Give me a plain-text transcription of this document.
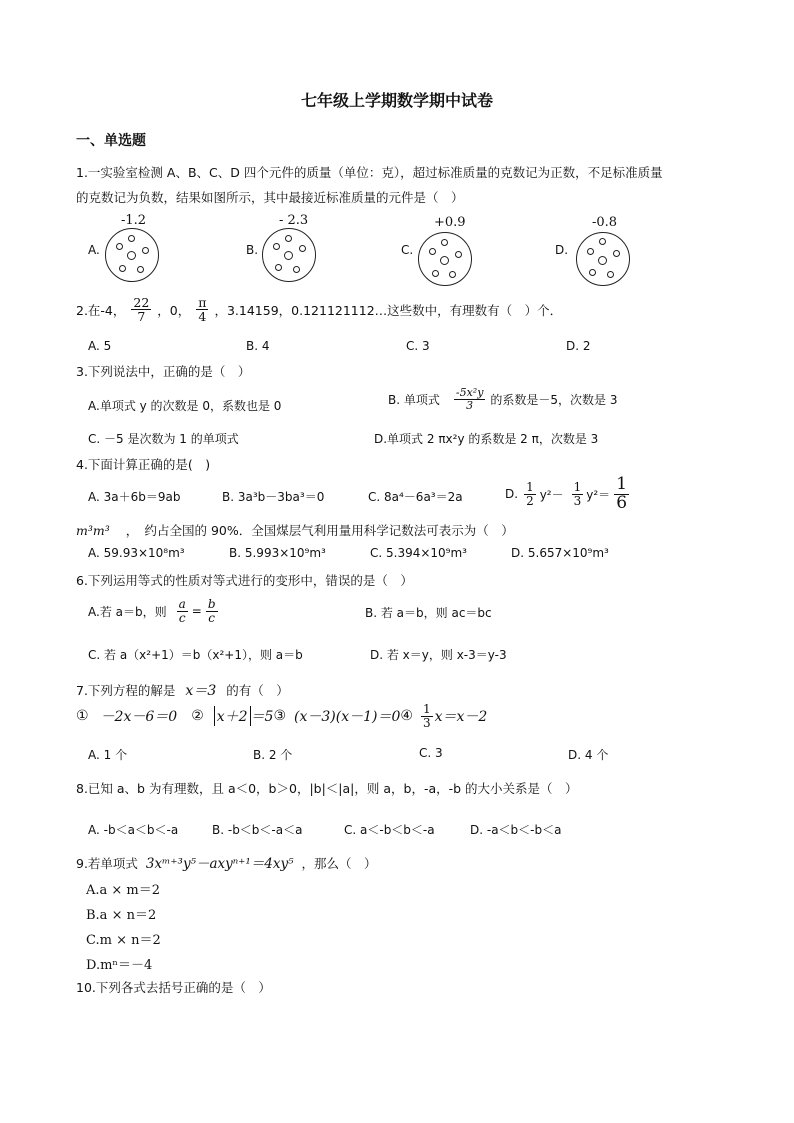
七年级上学期数学期中试卷
一、单选题
1.一实验室检测 A、B、C、D 四个元件的质量（单位：克），超过标准质量的克数记为正数，不足标准质量
的克数记为负数，结果如图所示，其中最接近标准质量的元件是（　）
-1.2
A.
- 2.3
B.
+0.9
C.
-0.8
D.
2.在-4， $\frac{22}{7}$ ，0， $\frac{\pi}{4}$ ，3.14159，0.121121112…这些数中，有理数有（　）个．
A. 5	B. 4	C. 3	D. 2
3.下列说法中，正确的是（　）
A.单项式 y 的次数是 0，系数也是 0	B. 单项式 $\frac{\text{-5x²y}}{3}$ 的系数是－5，次数是 3
C. －5 是次数为 1 的单项式	D.单项式 2 πx²y 的系数是 2 π，次数是 3
4.下面计算正确的是(　)
A. 3a＋6b＝9ab	B. 3a³b－3ba³＝0	C. 8a⁴－6a³＝2a	D. $\frac{1}{2} y^2- \frac{1}{3} y^2= \frac{1}{6}$
m³m³ ，　约占全国的 90%．全国煤层气利用量用科学记数法可表示为（　）
A. 59.93×10⁸m³	B. 5.993×10⁹m³	C. 5.394×10⁹m³	D. 5.657×10⁹m³
6.下列运用等式的性质对等式进行的变形中，错误的是（　）
A.若 a＝b，则 $\frac{a}{c} = \frac{b}{c}$	B. 若 a＝b，则 ac＝bc
C. 若 a（x²+1）＝b（x²+1），则 a＝b	D. 若 x＝y，则 x-3＝y-3
7.下列方程的解是 x＝3 的有（　）
① －2x－6＝0 ② x＋2 ＝5 ③ (x－3)(x－1)＝0 ④ $\frac{1}{3} x=x-2$
A. 1 个	B. 2 个	C. 3	D. 4 个
8.已知 a、b 为有理数，且 a＜0，b＞0，|b|＜|a|，则 a，b，-a，-b 的大小关系是（　）
A. -b＜a＜b＜-a	B. -b＜b＜-a＜a	C. a＜-b＜b＜-a	D. -a＜b＜-b＜a
9.若单项式 3xᵐ⁺³y⁵－axyⁿ⁺¹＝4xy⁵ ，那么（　）
A.a × m＝2
B.a × n＝2
C.m × n＝2
D.mⁿ＝－4
10.下列各式去括号正确的是（　）
